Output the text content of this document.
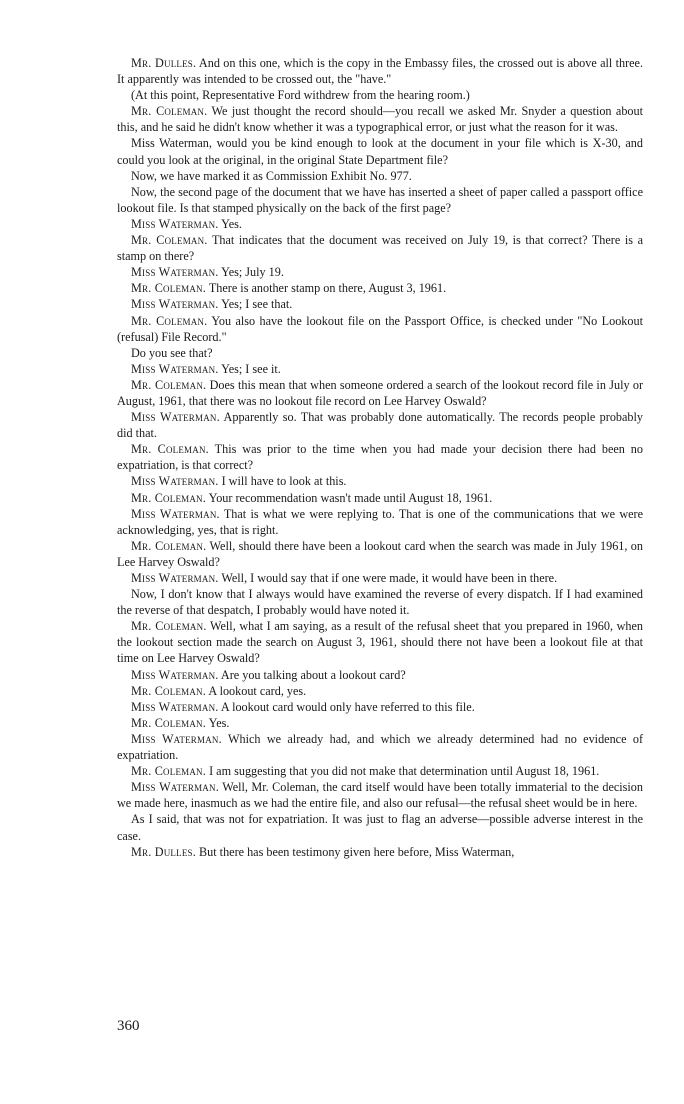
Mr. Dulles. And on this one, which is the copy in the Embassy files, the crossed out is above all three. It apparently was intended to be crossed out, the "have."

(At this point, Representative Ford withdrew from the hearing room.)

Mr. Coleman. We just thought the record should—you recall we asked Mr. Snyder a question about this, and he said he didn't know whether it was a typographical error, or just what the reason for it was.

Miss Waterman, would you be kind enough to look at the document in your file which is X-30, and could you look at the original, in the original State Department file?

Now, we have marked it as Commission Exhibit No. 977.

Now, the second page of the document that we have has inserted a sheet of paper called a passport office lookout file. Is that stamped physically on the back of the first page?

Miss Waterman. Yes.

Mr. Coleman. That indicates that the document was received on July 19, is that correct? There is a stamp on there?

Miss Waterman. Yes; July 19.

Mr. Coleman. There is another stamp on there, August 3, 1961.

Miss Waterman. Yes; I see that.

Mr. Coleman. You also have the lookout file on the Passport Office, is checked under "No Lookout (refusal) File Record."

Do you see that?

Miss Waterman. Yes; I see it.

Mr. Coleman. Does this mean that when someone ordered a search of the lookout record file in July or August, 1961, that there was no lookout file record on Lee Harvey Oswald?

Miss Waterman. Apparently so. That was probably done automatically. The records people probably did that.

Mr. Coleman. This was prior to the time when you had made your decision there had been no expatriation, is that correct?

Miss Waterman. I will have to look at this.

Mr. Coleman. Your recommendation wasn't made until August 18, 1961.

Miss Waterman. That is what we were replying to. That is one of the communications that we were acknowledging, yes, that is right.

Mr. Coleman. Well, should there have been a lookout card when the search was made in July 1961, on Lee Harvey Oswald?

Miss Waterman. Well, I would say that if one were made, it would have been in there.

Now, I don't know that I always would have examined the reverse of every dispatch. If I had examined the reverse of that despatch, I probably would have noted it.

Mr. Coleman. Well, what I am saying, as a result of the refusal sheet that you prepared in 1960, when the lookout section made the search on August 3, 1961, should there not have been a lookout file at that time on Lee Harvey Oswald?

Miss Waterman. Are you talking about a lookout card?

Mr. Coleman. A lookout card, yes.

Miss Waterman. A lookout card would only have referred to this file.

Mr. Coleman. Yes.

Miss Waterman. Which we already had, and which we already determined had no evidence of expatriation.

Mr. Coleman. I am suggesting that you did not make that determination until August 18, 1961.

Miss Waterman. Well, Mr. Coleman, the card itself would have been totally immaterial to the decision we made here, inasmuch as we had the entire file, and also our refusal—the refusal sheet would be in here.

As I said, that was not for expatriation. It was just to flag an adverse—possible adverse interest in the case.

Mr. Dulles. But there has been testimony given here before, Miss Waterman,

360
